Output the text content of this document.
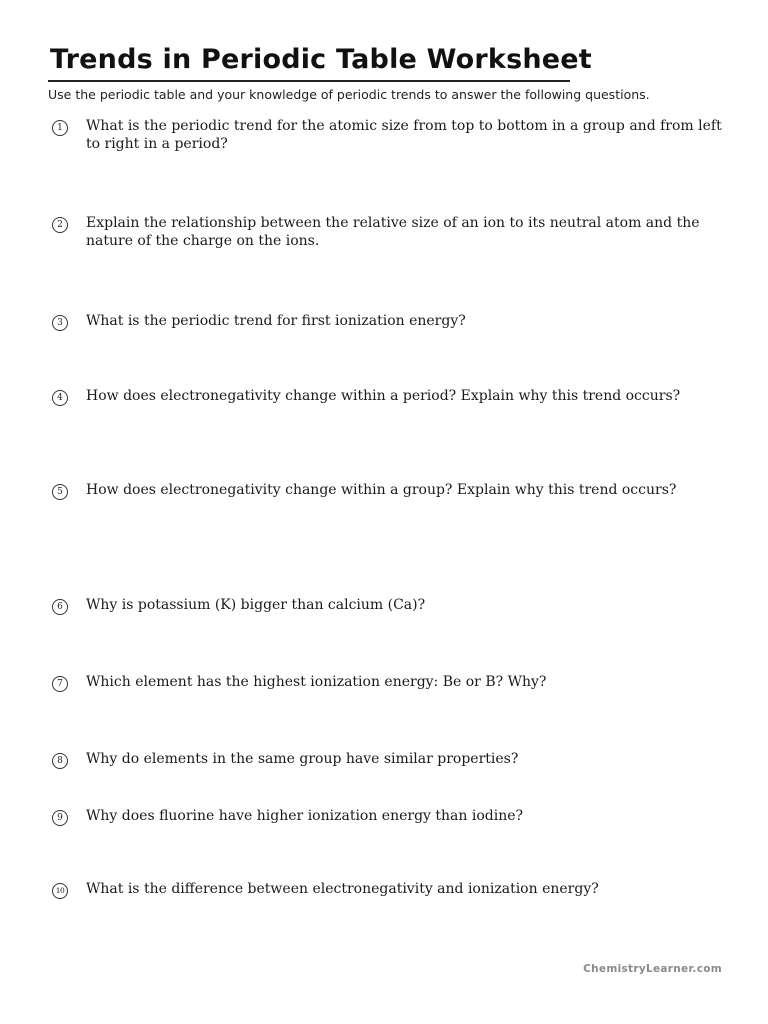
Trends in Periodic Table Worksheet
Use the periodic table and your knowledge of periodic trends to answer the following questions.
1	What is the periodic trend for the atomic size from top to bottom in a group and from left to right in a period?
2	Explain the relationship between the relative size of an ion to its neutral atom and the nature of the charge on the ions.
3	What is the periodic trend for first ionization energy?
4	How does electronegativity change within a period? Explain why this trend occurs?
5	How does electronegativity change within a group? Explain why this trend occurs?
6	Why is potassium (K) bigger than calcium (Ca)?
7	Which element has the highest ionization energy: Be or B? Why?
8	Why do elements in the same group have similar properties?
9	Why does fluorine have higher ionization energy than iodine?
10 What is the difference between electronegativity and ionization energy?
ChemistryLearner.com
